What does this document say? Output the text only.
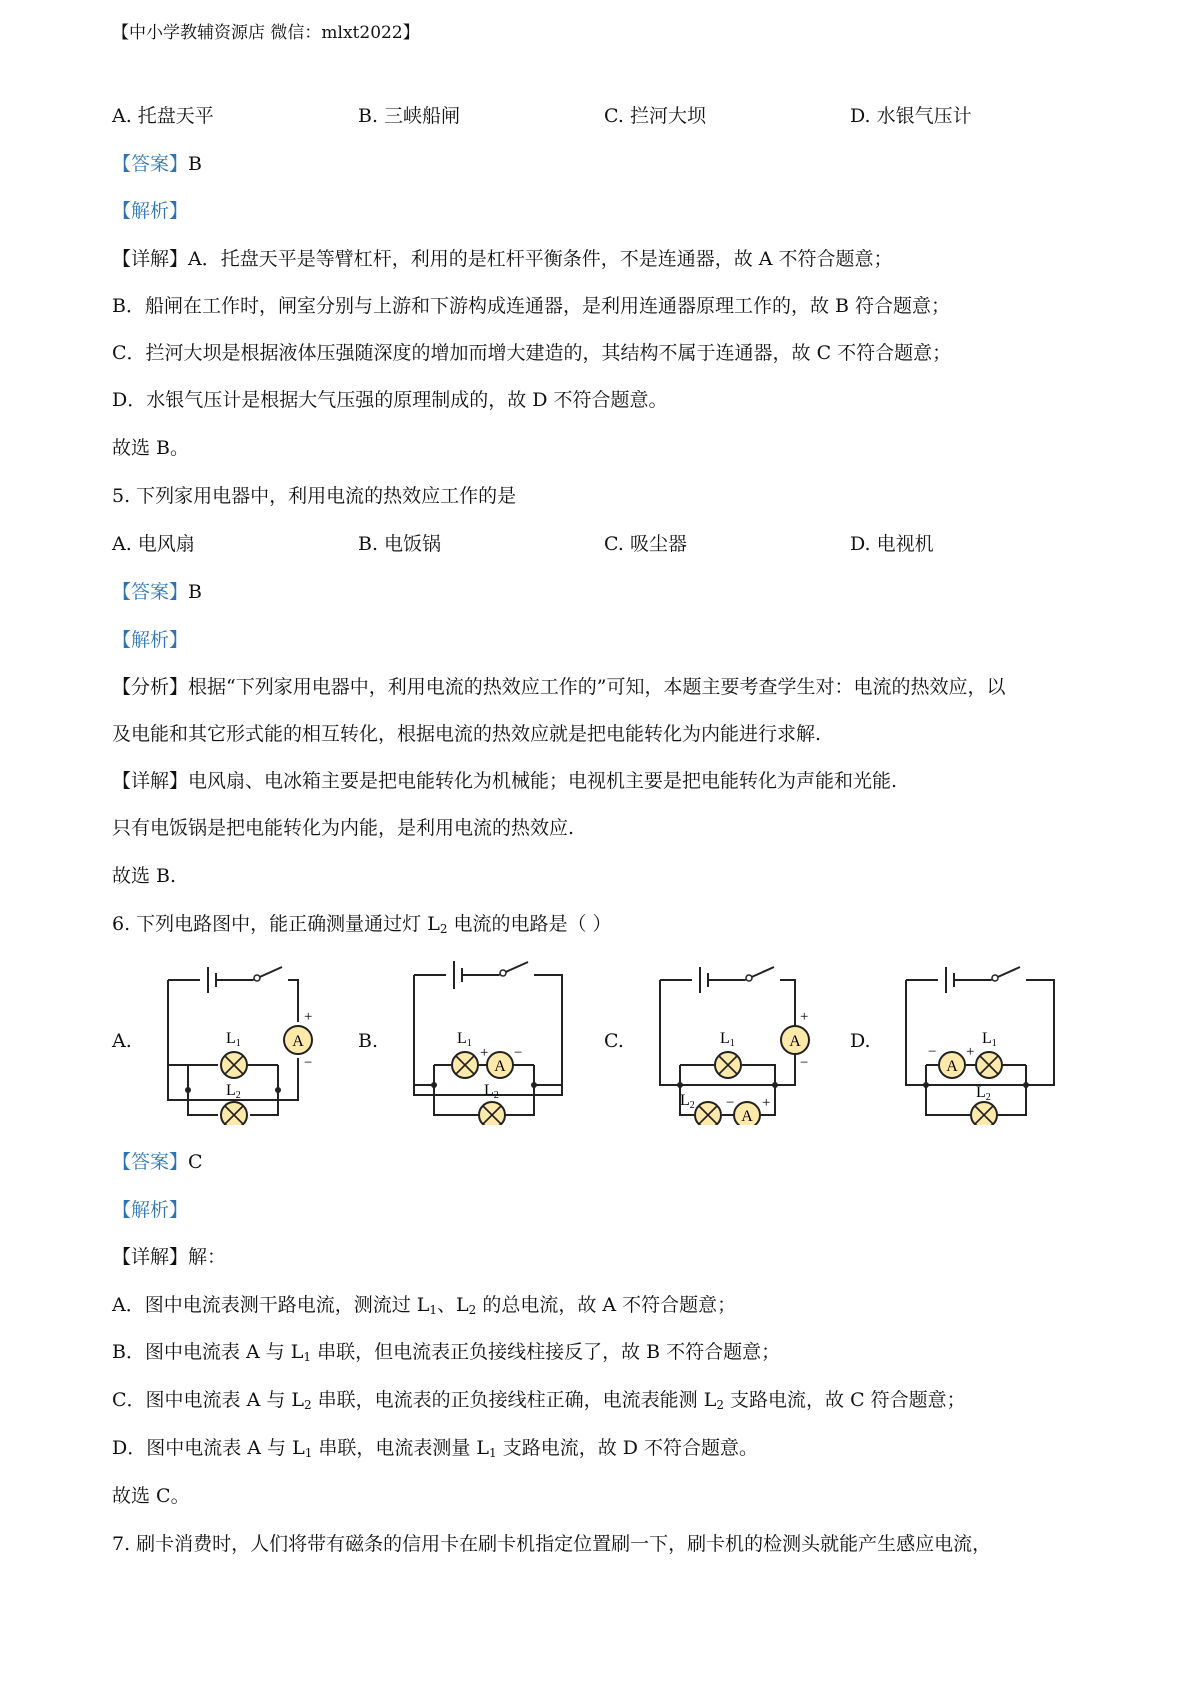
【中小学教辅资源店 微信：mlxt2022】
A. 托盘天平	B. 三峡船闸	C. 拦河大坝	D. 水银气压计
【答案】B
【解析】
【详解】A．托盘天平是等臂杠杆，利用的是杠杆平衡条件，不是连通器，故 A 不符合题意；
B．船闸在工作时，闸室分别与上游和下游构成连通器，是利用连通器原理工作的，故 B 符合题意；
C．拦河大坝是根据液体压强随深度的增加而增大建造的，其结构不属于连通器，故 C 不符合题意；
D．水银气压计是根据大气压强的原理制成的，故 D 不符合题意。
故选 B。
5. 下列家用电器中，利用电流的热效应工作的是
A. 电风扇	B. 电饭锅	C. 吸尘器	D. 电视机
【答案】B
【解析】
【分析】根据“下列家用电器中，利用电流的热效应工作的”可知，本题主要考查学生对：电流的热效应，以
及电能和其它形式能的相互转化，根据电流的热效应就是把电能转化为内能进行求解.
【详解】电风扇、电冰箱主要是把电能转化为机械能；电视机主要是把电能转化为声能和光能.
只有电饭锅是把电能转化为内能，是利用电流的热效应.
故选 B.
6. 下列电路图中，能正确测量通过灯 $L_2$ 电流的电路是（ ）
A.	A
+
−
L1
L2
B.
A
+ −
L1
L2
C.	A
+
−
A
− +
L1
L2
D.
A
− +
L1
L2
【答案】C
【解析】
【详解】解：
A．图中电流表测干路电流，测流过 $L_1$、$L_2$ 的总电流，故 A 不符合题意；
B．图中电流表 A 与 $L_1$ 串联，但电流表正负接线柱接反了，故 B 不符合题意；
C．图中电流表 A 与 $L_2$ 串联，电流表的正负接线柱正确，电流表能测 $L_2$ 支路电流，故 C 符合题意；
D．图中电流表 A 与 $L_1$ 串联，电流表测量 $L_1$ 支路电流，故 D 不符合题意。
故选 C。
7. 刷卡消费时，人们将带有磁条的信用卡在刷卡机指定位置刷一下，刷卡机的检测头就能产生感应电流，
